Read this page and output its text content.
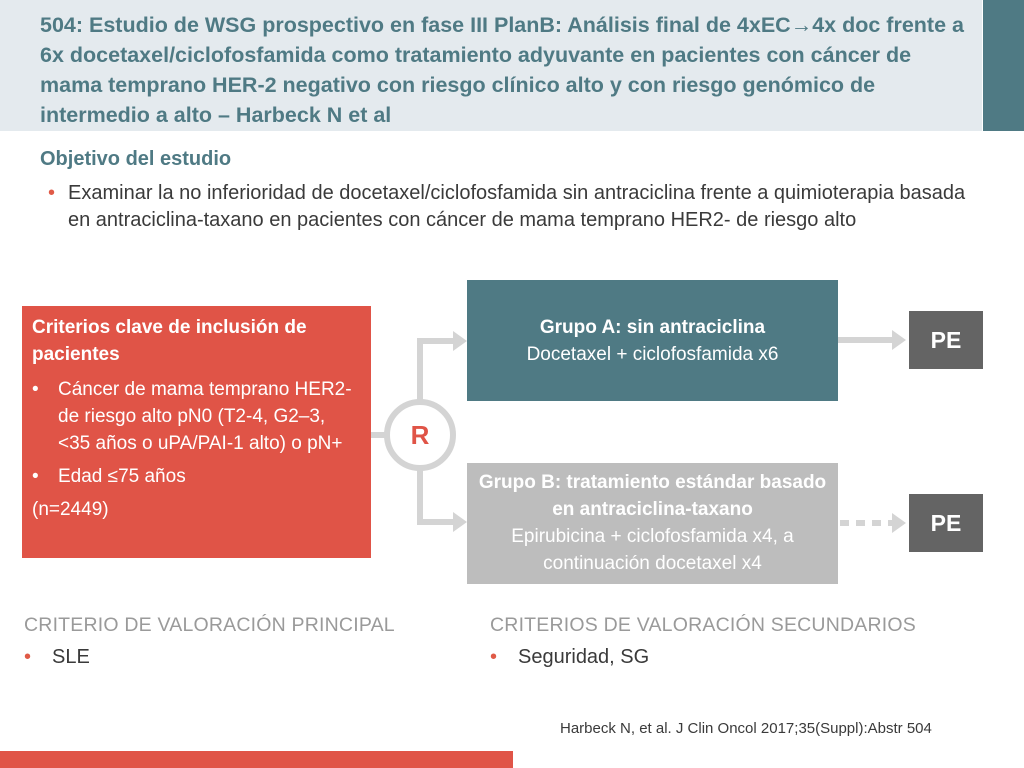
504: Estudio de WSG prospectivo en fase III PlanB: Análisis final de 4xEC→4x doc frente a 6x docetaxel/ciclofosfamida como tratamiento adyuvante en pacientes con cáncer de mama temprano HER-2 negativo con riesgo clínico alto y con riesgo genómico de intermedio a alto – Harbeck N et al
Objetivo del estudio
• Examinar la no inferioridad de docetaxel/ciclofosfamida sin antraciclina frente a quimioterapia basada en antraciclina-taxano en pacientes con cáncer de mama temprano HER2- de riesgo alto
R
Criterios clave de inclusión de pacientes
• Cáncer de mama temprano HER2- de riesgo alto pN0 (T2-4, G2–3, <35 años o uPA/PAI-1 alto) o pN+
• Edad ≤75 años
(n=2449)
Grupo A: sin antraciclina
Docetaxel + ciclofosfamida x6
Grupo B: tratamiento estándar basado en antraciclina-taxano
Epirubicina + ciclofosfamida x4, a continuación docetaxel x4
PE
PE
CRITERIO DE VALORACIÓN PRINCIPAL
• SLE
CRITERIOS DE VALORACIÓN SECUNDARIOS
• Seguridad, SG
Harbeck N, et al. J Clin Oncol 2017;35(Suppl):Abstr 504
